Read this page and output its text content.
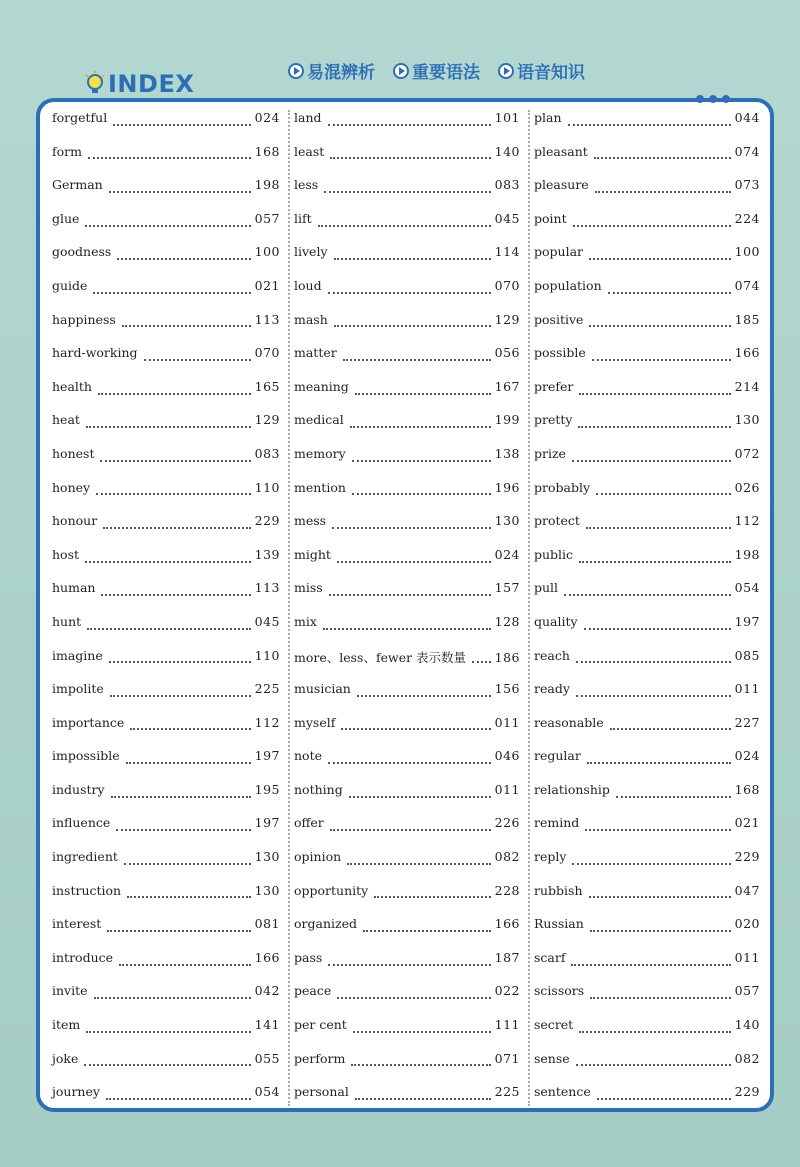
INDEX	易混辨析 重要语法 语音知识
forgetful	024
form	168
German	198
glue	057
goodness	100
guide	021
happiness	113
hard-working	070
health	165
heat	129
honest	083
honey	110
honour	229
host	139
human	113
hunt	045
imagine	110
impolite	225
importance	112
impossible	197
industry	195
influence	197
ingredient	130
instruction	130
interest	081
introduce	166
invite	042
item	141
joke	055
journey	054
land	101
least	140
less	083
lift	045
lively	114
loud	070
mash	129
matter	056
meaning	167
medical	199
memory	138
mention	196
mess	130
might	024
miss	157
mix	128
more、less、fewer 表示数量	186
musician	156
myself	011
note	046
nothing	011
offer	226
opinion	082
opportunity	228
organized	166
pass	187
peace	022
per cent	111
perform	071
personal	225
plan	044
pleasant	074
pleasure	073
point	224
popular	100
population	074
positive	185
possible	166
prefer	214
pretty	130
prize	072
probably	026
protect	112
public	198
pull	054
quality	197
reach	085
ready	011
reasonable	227
regular	024
relationship	168
remind	021
reply	229
rubbish	047
Russian	020
scarf	011
scissors	057
secret	140
sense	082
sentence	229
